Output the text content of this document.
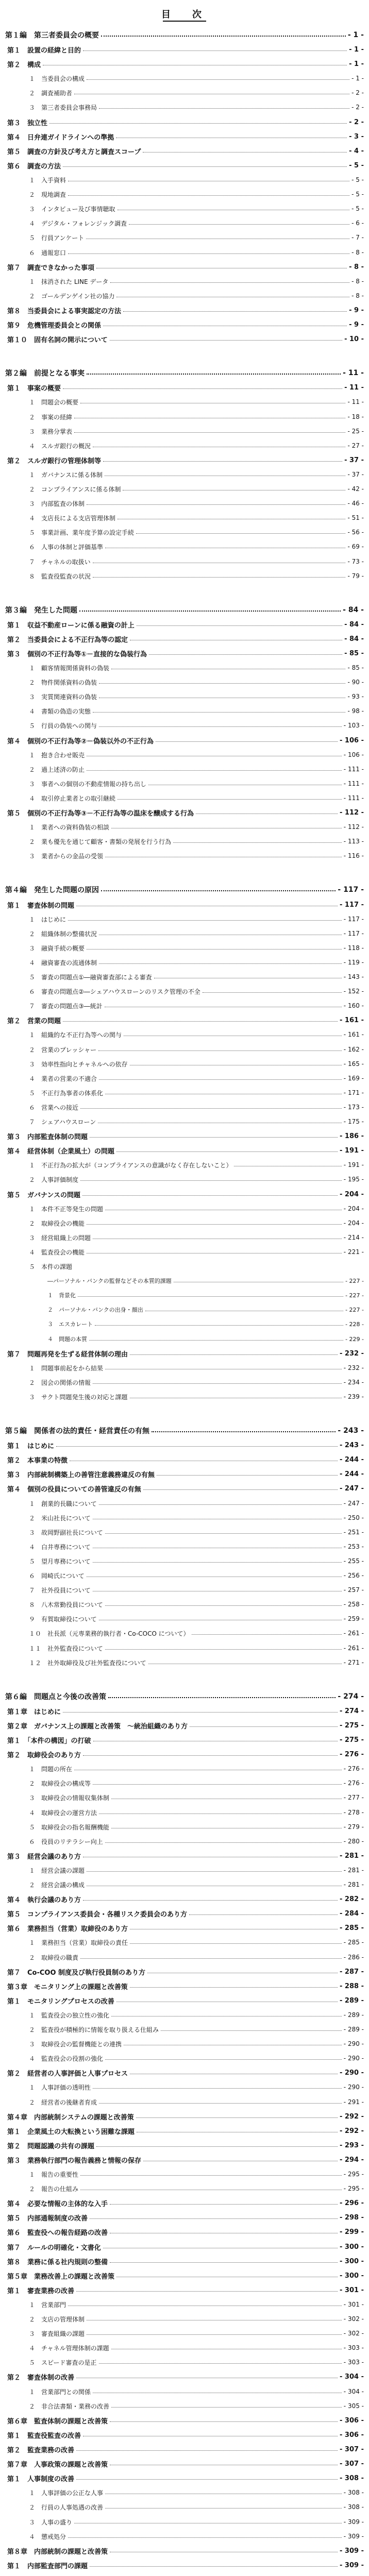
目　次
第１編　第三者委員会の概要	- 1 -
第１　設置の経緯と目的	- 1 -
第２　構成	- 1 -
１　当委員会の構成	- 1 -
２　調査補助者	- 2 -
３　第三者委員会事務局	- 2 -
第３　独立性	- 2 -
第４　日弁連ガイドラインへの準拠	- 3 -
第５　調査の方針及び考え方と調査スコープ	- 4 -
第６　調査の方法	- 5 -
１　入手資料	- 5 -
２　現地調査	- 5 -
３　インタビュー及び事情聴取	- 5 -
４　デジタル・フォレンジック調査	- 6 -
５　行員アンケート	- 7 -
６　通報窓口	- 8 -
第７　調査できなかった事項	- 8 -
１　抹消された LINE データ	- 8 -
２　ゴールデンゲイン社の協力	- 8 -
第８　当委員会による事実認定の方法	- 9 -
第９　危機管理委員会との関係	- 9 -
第１０　固有名詞の開示について	- 10 -
第２編　前提となる事実	- 11 -
第１　事案の概要	- 11 -
１　問題会の概要	- 11 -
２　事案の経緯	- 18 -
３　業務分掌表	- 25 -
４　スルガ銀行の概況	- 27 -
第２　スルガ銀行の管理体制等	- 37 -
１　ガバナンスに係る体制	- 37 -
２　コンプライアンスに係る体制	- 42 -
３　内部監査の体制	- 46 -
４　支店長による支店管理体制	- 51 -
５　事業計画、業年度予算の設定手続	- 56 -
６　人事の体制と評価基準	- 69 -
７　チャネルの取扱い	- 73 -
８　監査役監査の状況	- 79 -
第３編　発生した問題	- 84 -
第１　収益不動産ローンに係る融資の計上	- 84 -
第２　当委員会による不正行為等の認定	- 84 -
第３　個別の不正行為等①－直接的な偽装行為	- 85 -
１　顧客情報関係資料の偽装	- 85 -
２　物件関係資料の偽装	- 90 -
３　実質関連資料の偽装	- 93 -
４　書類の偽造の実態	- 98 -
５　行員の偽装への関与	- 103 -
第４　個別の不正行為等②－偽装以外の不正行為	- 106 -
１　抱き合わせ販売	- 106 -
２　過上述済の防止	- 111 -
３　事者への個別の不動産情報の持ち出し	- 111 -
４　取引停止業者との取引継続	- 111 -
第５　個別の不正行為等③－不正行為等の温床を醸成する行為	- 112 -
１　業者への資料偽装の相談	- 112 -
２　業も優先を通じて顧客・書類の発展を行う行為	- 113 -
３　業者からの金品の受領	- 116 -
第４編　発生した問題の原因	- 117 -
第１　審査体制の問題	- 117 -
１　はじめに	- 117 -
２　組織体制の整備状況	- 117 -
３　融資手続の概要	- 118 -
４　融資審査の流通体制	- 119 -
５　審査の問題点①―融資審査部による審査	- 143 -
６　審査の問題点②―シェアハウスローンのリスク管理の不全	- 152 -
７　審査の問題点③―統計	- 160 -
第２　営業の問題	- 161 -
１　組織的な不正行為等への関与	- 161 -
２　営業のプレッシャー	- 162 -
３　効率性指向とチャネルへの依存	- 165 -
４　業者の営業の不適合	- 169 -
５　不正行為事者の体系化	- 171 -
６　営業への接近	- 173 -
７　シェアハウスローン	- 175 -
第３　内部監査体制の問題	- 186 -
第４　経営体制（企業風土）の問題	- 191 -
１　不正行為の拡大が（コンプライアンスの意識がなく存在しないこと）	- 191 -
２　人事評価制度	- 195 -
第５　ガバナンスの問題	- 204 -
１　本件不正等発生の問題	- 204 -
２　取締役会の機能	- 204 -
３　経営組織上の問題	- 214 -
４　監査役会の機能	- 221 -
５　本件の課題
―パーソナル・バンクの監督などその本質的課題	- 227 -
１　背景化	- 227 -
２　パーソナル・バンクの出身・顔出	- 227 -
３　エスカレート	- 228 -
４　問題の本質	- 229 -
第７　問題再発を生ずる経営体制の理由	- 232 -
１　問題事前起をから結果	- 232 -
２　図会の関係の情報	- 234 -
３　サクト問題発生後の対応と課題	- 239 -
第５編　関係者の法的責任・経営責任の有無	- 243 -
第１　はじめに	- 243 -
第２　本事業の特徴	- 244 -
第３　内部統制構築上の善管注意義務違反の有無	- 244 -
第４　個別の役員についての善管違反の有無	- 247 -
１　創業的長職について	- 247 -
２　米山社長について	- 250 -
３　故岡野副社長について	- 251 -
４　白井専務について	- 253 -
５　望月専務について	- 255 -
６　岡崎氏について	- 256 -
７　社外役員について	- 257 -
８　八木常勤役員について	- 258 -
９　有賀取締役について	- 259 -
１０　社長派（元専業務的執行者・Co-COCO について）	- 261 -
１１　社外監査役について	- 261 -
１２　社外取締役及び社外監査役について	- 271 -
第６編　問題点と今後の改善策	- 274 -
第１章　はじめに	- 274 -
第２章　ガバナンス上の課題と改善策　～統治組織のあり方	- 275 -
第１　「本件の構図」の打破	- 275 -
第２　取締役会のあり方	- 276 -
１　問題の所在	- 276 -
２　取締役会の構成等	- 276 -
３　取締役会の情報収集体制	- 277 -
４　取締役会の運営方法	- 278 -
５　取締役会の指名報酬機能	- 279 -
６　役員のリテラシー向上	- 280 -
第３　経営会議のあり方	- 281 -
１　経営会議の課題	- 281 -
２　経営会議の構成	- 281 -
第４　執行会議のあり方	- 282 -
第５　コンプライアンス委員会・各種リスク委員会のあり方	- 284 -
第６　業務担当（営業）取締役のあり方	- 285 -
１　業務担当（営業）取締役の責任	- 285 -
２　取締役の職責	- 286 -
第７　Co-COO 制度及び執行役員制のあり方	- 287 -
第３章　モニタリング上の課題と改善策	- 288 -
第１　モニタリングプロセスの改善	- 289 -
１　監査役会の独立性の強化	- 289 -
２　監査役が積極的に情報を取り扱える仕組み	- 289 -
３　取締役会の監督機能との連携	- 290 -
４　監査役会の役割の強化	- 290 -
第２　経営者の人事評価と人事プロセス	- 290 -
１　人事評価の透明性	- 290 -
２　経営者の後継者育成	- 291 -
第４章　内部統制システムの課題と改善策	- 292 -
第１　企業風土の大転換という困難な課題	- 292 -
第２　問題認識の共有の課題	- 293 -
第３　業務執行部門の報告義務と情報の保存	- 294 -
１　報告の重要性	- 295 -
２　報告の仕組み	- 295 -
第４　必要な情報の主体的な入手	- 296 -
第５　内部通報制度の改善	- 298 -
第６　監査役への報告経路の改善	- 299 -
第７　ルールの明確化・文書化	- 300 -
第８　業務に係る社内規則の整備	- 300 -
第５章　業務改善上の課題と改善策	- 300 -
第１　審査業務の改善	- 301 -
１　営業部門	- 301 -
２　支店の管理体制	- 302 -
３　審査組織の課題	- 302 -
４　チャネル管理体制の課題	- 303 -
５　スピード審査の是正	- 303 -
第２　審査体制の改善	- 304 -
１　営業部門との関係	- 304 -
２　非合法書類・業務の改善	- 305 -
第６章　監査体制の課題と改善策	- 306 -
第１　監査役監査の改善	- 306 -
第２　監査業務の改善	- 307 -
第７章　人事政策の課題と改善策	- 307 -
第１　人事制度の改善	- 308 -
１　人事評価の公正な人事	- 308 -
２　行員の人事処遇の改善	- 308 -
３　人事の盛り	- 309 -
４　懲戒処分	- 309 -
第８章　内部統制の課題と改善策	- 309 -
第１　内部監査部門の課題	- 309 -
